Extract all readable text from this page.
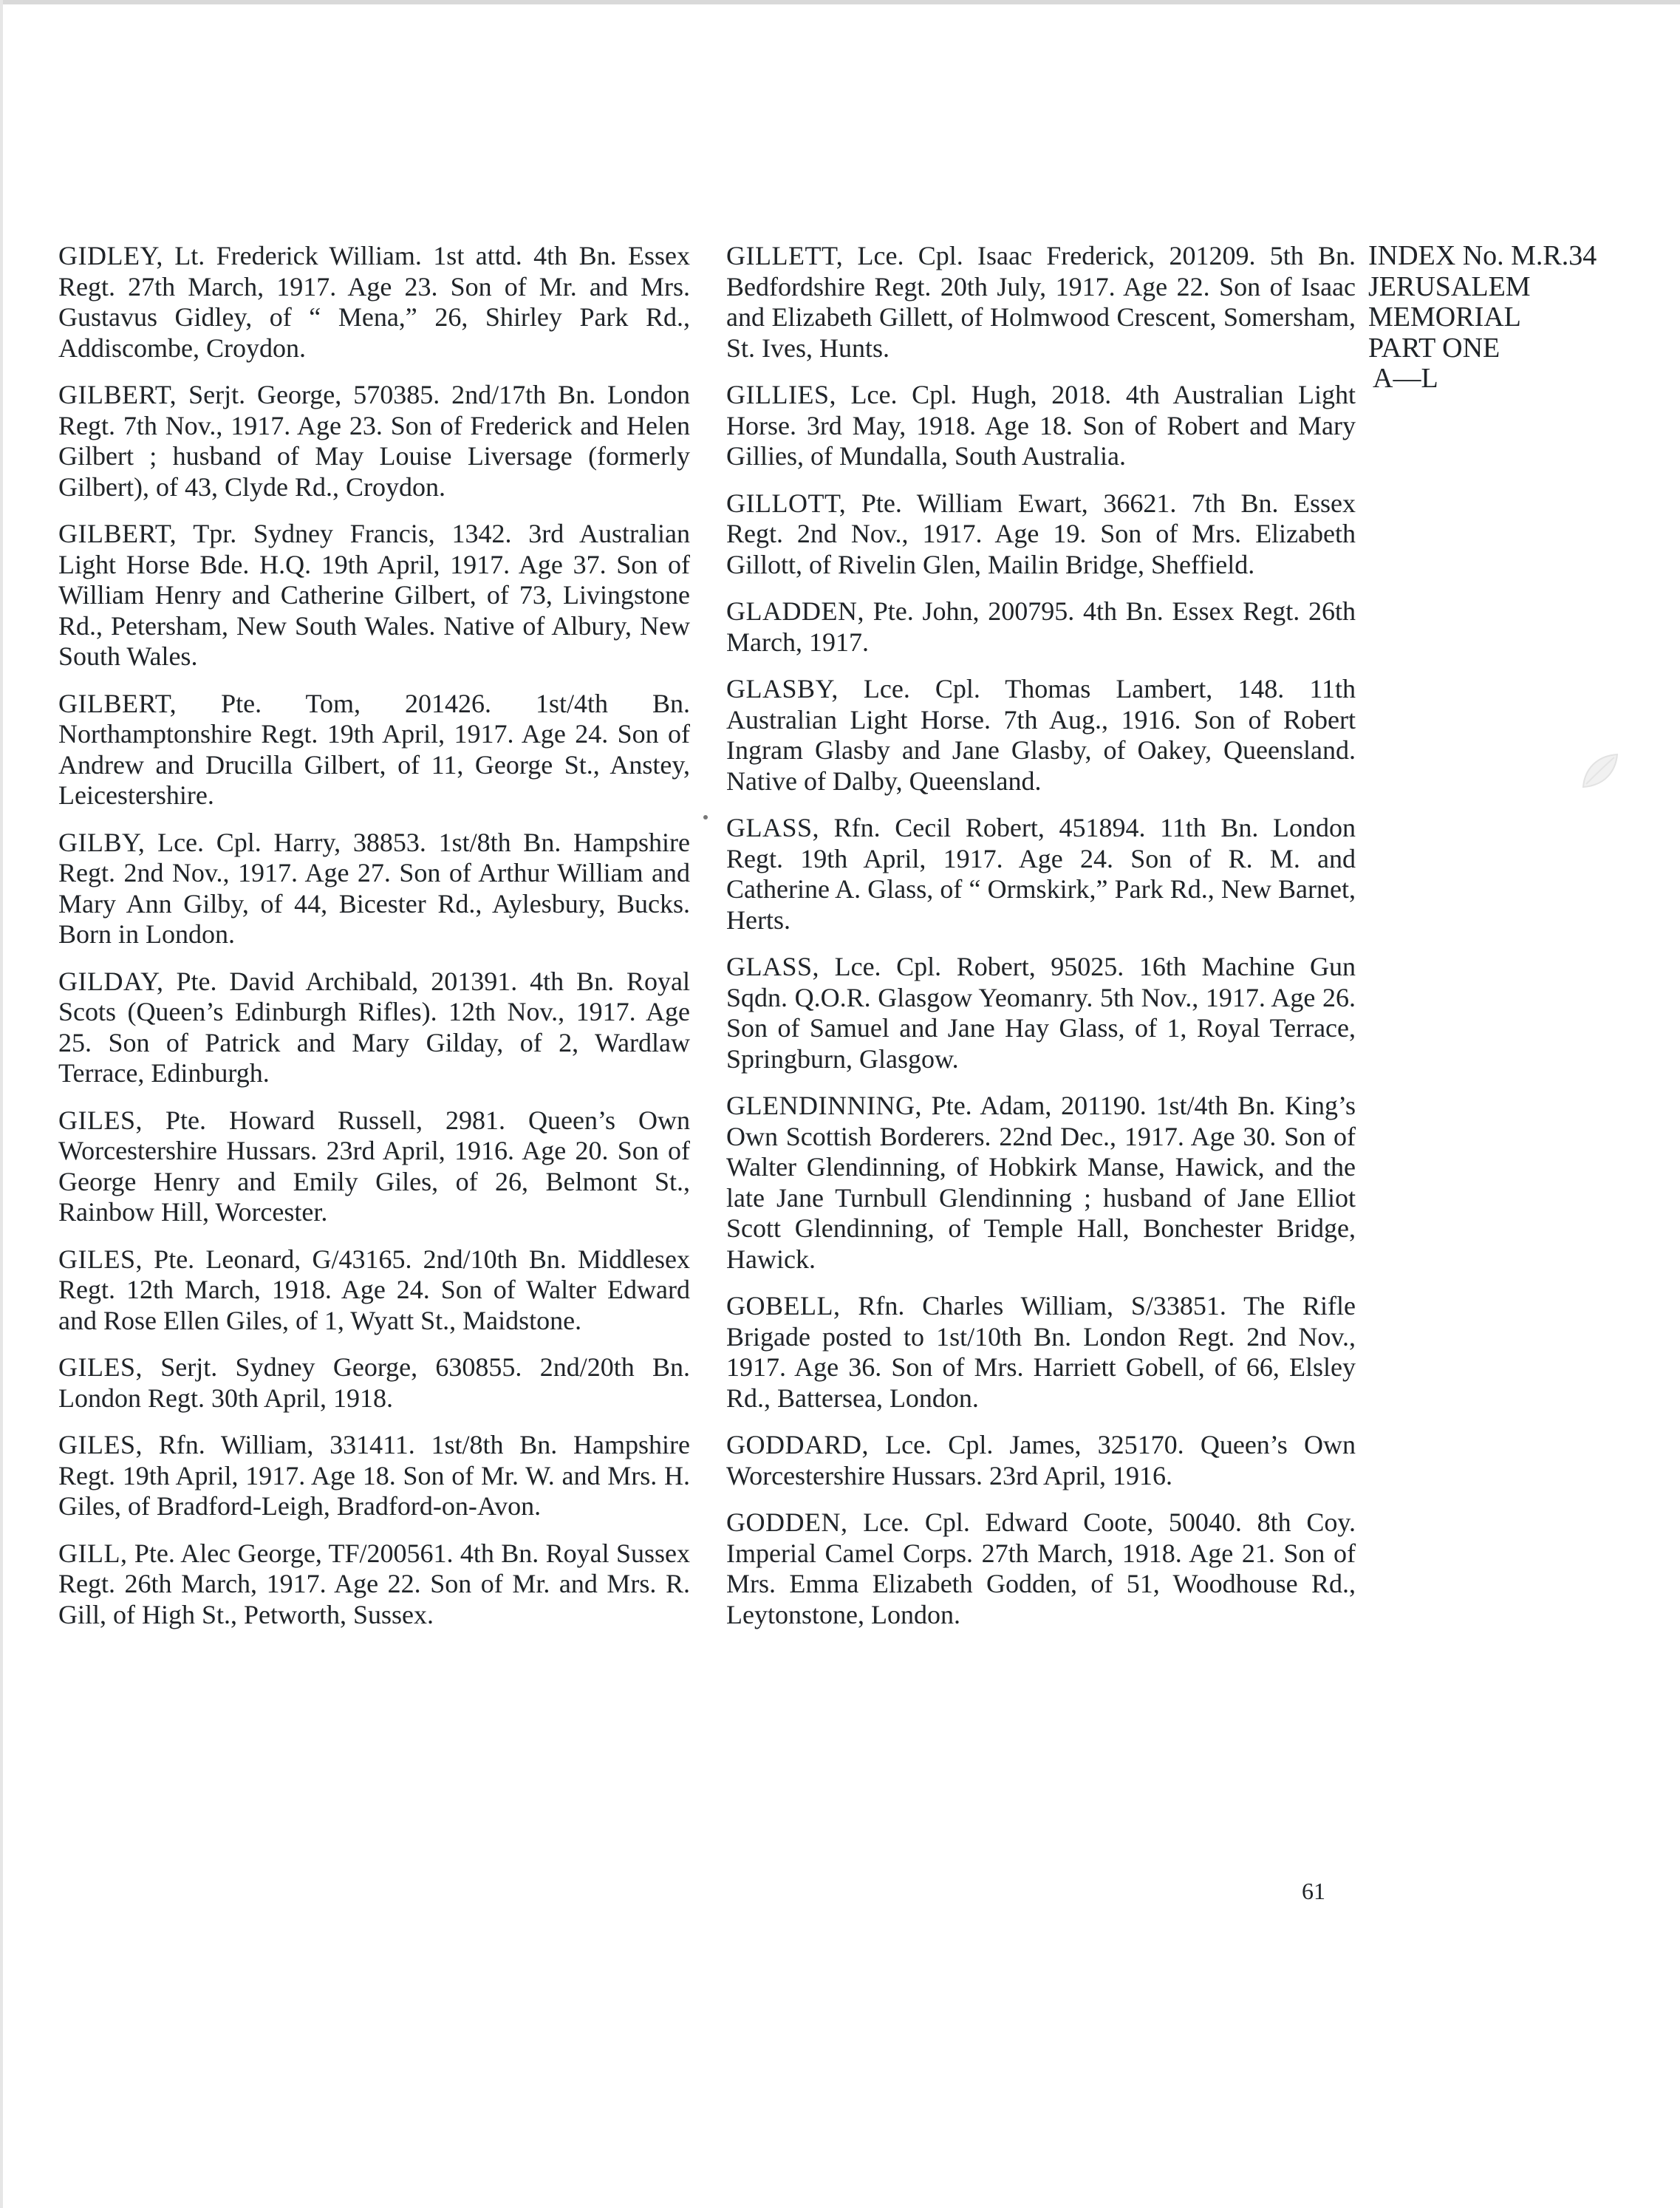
GIDLEY, Lt. Frederick William. 1st attd. 4th Bn. Essex Regt. 27th March, 1917. Age 23. Son of Mr. and Mrs. Gustavus Gidley, of “ Mena,” 26, Shirley Park Rd., Addiscombe, Croydon.

GILBERT, Serjt. George, 570385. 2nd/17th Bn. London Regt. 7th Nov., 1917. Age 23. Son of Frederick and Helen Gilbert ; husband of May Louise Liversage (formerly Gilbert), of 43, Clyde Rd., Croydon.

GILBERT, Tpr. Sydney Francis, 1342. 3rd Australian Light Horse Bde. H.Q. 19th April, 1917. Age 37. Son of William Henry and Catherine Gilbert, of 73, Livingstone Rd., Petersham, New South Wales. Native of Albury, New South Wales.

GILBERT, Pte. Tom, 201426. 1st/4th Bn. Northamptonshire Regt. 19th April, 1917. Age 24. Son of Andrew and Drucilla Gilbert, of 11, George St., Anstey, Leicestershire.

GILBY, Lce. Cpl. Harry, 38853. 1st/8th Bn. Hampshire Regt. 2nd Nov., 1917. Age 27. Son of Arthur William and Mary Ann Gilby, of 44, Bicester Rd., Aylesbury, Bucks. Born in London.

GILDAY, Pte. David Archibald, 201391. 4th Bn. Royal Scots (Queen’s Edinburgh Rifles). 12th Nov., 1917. Age 25. Son of Patrick and Mary Gilday, of 2, Wardlaw Terrace, Edinburgh.

GILES, Pte. Howard Russell, 2981. Queen’s Own Worcestershire Hussars. 23rd April, 1916. Age 20. Son of George Henry and Emily Giles, of 26, Belmont St., Rainbow Hill, Worcester.

GILES, Pte. Leonard, G/43165. 2nd/10th Bn. Middlesex Regt. 12th March, 1918. Age 24. Son of Walter Edward and Rose Ellen Giles, of 1, Wyatt St., Maidstone.

GILES, Serjt. Sydney George, 630855. 2nd/20th Bn. London Regt. 30th April, 1918.

GILES, Rfn. William, 331411. 1st/8th Bn. Hampshire Regt. 19th April, 1917. Age 18. Son of Mr. W. and Mrs. H. Giles, of Bradford-Leigh, Bradford-on-Avon.

GILL, Pte. Alec George, TF/200561. 4th Bn. Royal Sussex Regt. 26th March, 1917. Age 22. Son of Mr. and Mrs. R. Gill, of High St., Petworth, Sussex.

GILLETT, Lce. Cpl. Isaac Frederick, 201209. 5th Bn. Bedfordshire Regt. 20th July, 1917. Age 22. Son of Isaac and Elizabeth Gillett, of Holmwood Crescent, Somersham, St. Ives, Hunts.

GILLIES, Lce. Cpl. Hugh, 2018. 4th Australian Light Horse. 3rd May, 1918. Age 18. Son of Robert and Mary Gillies, of Mundalla, South Australia.

GILLOTT, Pte. William Ewart, 36621. 7th Bn. Essex Regt. 2nd Nov., 1917. Age 19. Son of Mrs. Elizabeth Gillott, of Rivelin Glen, Mailin Bridge, Sheffield.

GLADDEN, Pte. John, 200795. 4th Bn. Essex Regt. 26th March, 1917.

GLASBY, Lce. Cpl. Thomas Lambert, 148. 11th Australian Light Horse. 7th Aug., 1916. Son of Robert Ingram Glasby and Jane Glasby, of Oakey, Queensland. Native of Dalby, Queensland.

GLASS, Rfn. Cecil Robert, 451894. 11th Bn. London Regt. 19th April, 1917. Age 24. Son of R. M. and Catherine A. Glass, of “ Ormskirk,” Park Rd., New Barnet, Herts.

GLASS, Lce. Cpl. Robert, 95025. 16th Machine Gun Sqdn. Q.O.R. Glasgow Yeomanry. 5th Nov., 1917. Age 26. Son of Samuel and Jane Hay Glass, of 1, Royal Terrace, Springburn, Glasgow.

GLENDINNING, Pte. Adam, 201190. 1st/4th Bn. King’s Own Scottish Borderers. 22nd Dec., 1917. Age 30. Son of Walter Glendinning, of Hobkirk Manse, Hawick, and the late Jane Turnbull Glendinning ; husband of Jane Elliot Scott Glendinning, of Temple Hall, Bonchester Bridge, Hawick.

GOBELL, Rfn. Charles William, S/33851. The Rifle Brigade posted to 1st/10th Bn. London Regt. 2nd Nov., 1917. Age 36. Son of Mrs. Harriett Gobell, of 66, Elsley Rd., Battersea, London.

GODDARD, Lce. Cpl. James, 325170. Queen’s Own Worcestershire Hussars. 23rd April, 1916.

GODDEN, Lce. Cpl. Edward Coote, 50040. 8th Coy. Imperial Camel Corps. 27th March, 1918. Age 21. Son of Mrs. Emma Elizabeth Godden, of 51, Woodhouse Rd., Leytonstone, London.

INDEX No. M.R.34
JERUSALEM
MEMORIAL
PART ONE
A—L
61
